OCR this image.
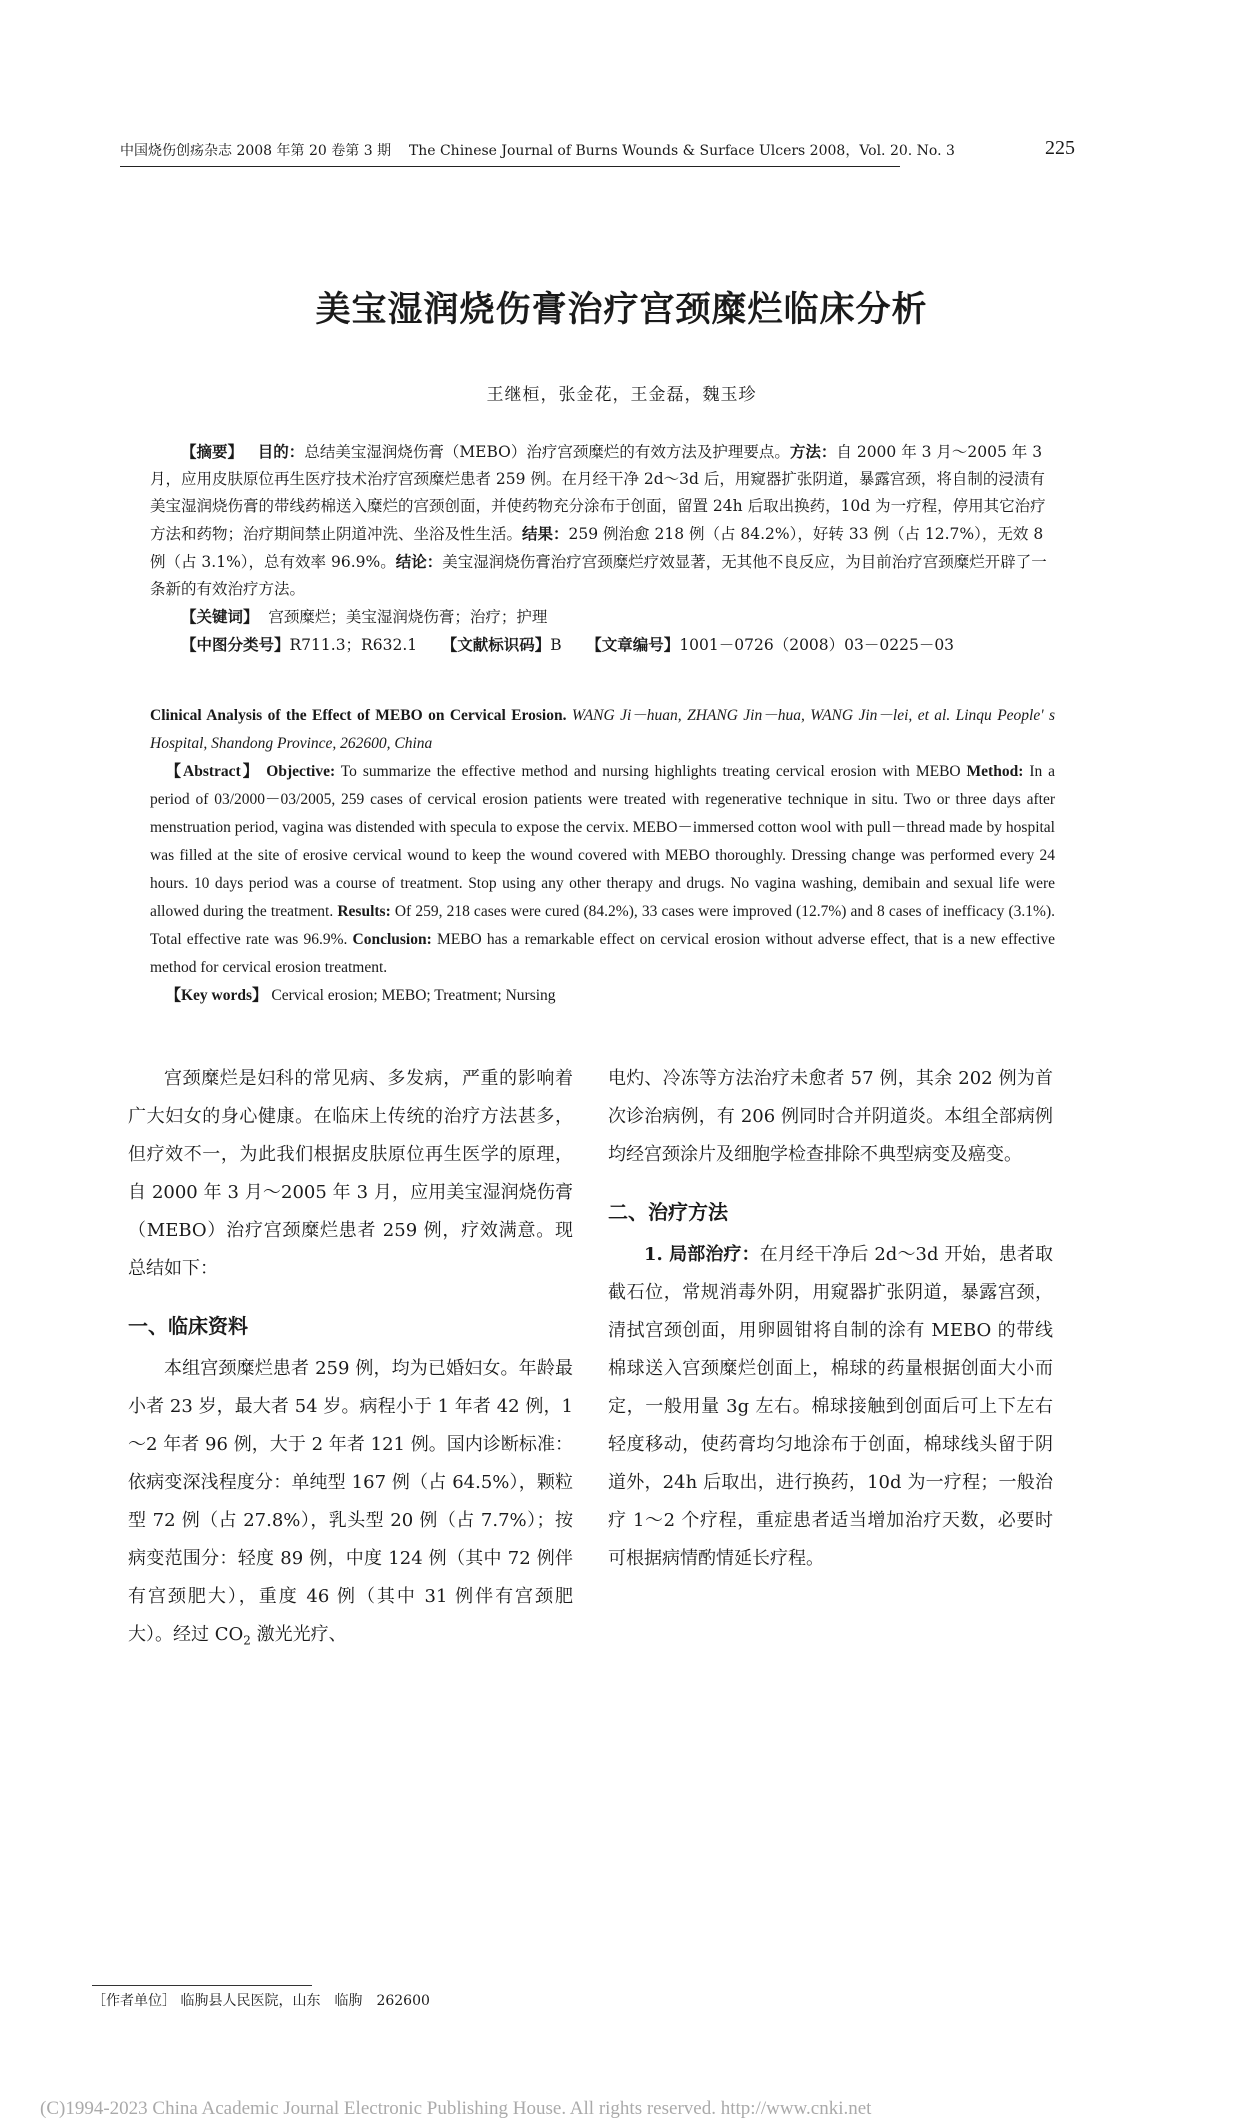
中国烧伤创疡杂志 2008 年第 20 卷第 3 期 The Chinese Journal of Burns Wounds & Surface Ulcers 2008，Vol. 20. No. 3	225
美宝湿润烧伤膏治疗宫颈糜烂临床分析
王继桓，张金花，王金磊，魏玉珍

【摘要】 目的：总结美宝湿润烧伤膏（MEBO）治疗宫颈糜烂的有效方法及护理要点。方法：自 2000 年 3 月～2005 年 3 月，应用皮肤原位再生医疗技术治疗宫颈糜烂患者 259 例。在月经干净 2d～3d 后，用窥器扩张阴道，暴露宫颈，将自制的浸渍有美宝湿润烧伤膏的带线药棉送入糜烂的宫颈创面，并使药物充分涂布于创面，留置 24h 后取出换药，10d 为一疗程，停用其它治疗方法和药物；治疗期间禁止阴道冲洗、坐浴及性生活。结果：259 例治愈 218 例（占 84.2%），好转 33 例（占 12.7%），无效 8 例（占 3.1%），总有效率 96.9%。结论：美宝湿润烧伤膏治疗宫颈糜烂疗效显著，无其他不良反应，为目前治疗宫颈糜烂开辟了一条新的有效治疗方法。

【关键词】 宫颈糜烂；美宝湿润烧伤膏；治疗；护理

【中图分类号】R711.3；R632.1 【文献标识码】B 【文章编号】1001－0726（2008）03－0225－03

Clinical Analysis of the Effect of MEBO on Cervical Erosion. WANG Ji－huan, ZHANG Jin－hua, WANG Jin－lei, et al. Linqu People' s Hospital, Shandong Province, 262600, China

【Abstract】 Objective: To summarize the effective method and nursing highlights treating cervical erosion with MEBO Method: In a period of 03/2000－03/2005, 259 cases of cervical erosion patients were treated with regenerative technique in situ. Two or three days after menstruation period, vagina was distended with specula to expose the cervix. MEBO－immersed cotton wool with pull－thread made by hospital was filled at the site of erosive cervical wound to keep the wound covered with MEBO thoroughly. Dressing change was performed every 24 hours. 10 days period was a course of treatment. Stop using any other therapy and drugs. No vagina washing, demibain and sexual life were allowed during the treatment. Results: Of 259, 218 cases were cured (84.2%), 33 cases were improved (12.7%) and 8 cases of inefficacy (3.1%). Total effective rate was 96.9%. Conclusion: MEBO has a remarkable effect on cervical erosion without adverse effect, that is a new effective method for cervical erosion treatment.

【Key words】 Cervical erosion; MEBO; Treatment; Nursing

宫颈糜烂是妇科的常见病、多发病，严重的影响着广大妇女的身心健康。在临床上传统的治疗方法甚多，但疗效不一，为此我们根据皮肤原位再生医学的原理，自 2000 年 3 月～2005 年 3 月，应用美宝湿润烧伤膏（MEBO）治疗宫颈糜烂患者 259 例，疗效满意。现总结如下：

一、临床资料

本组宫颈糜烂患者 259 例，均为已婚妇女。年龄最小者 23 岁，最大者 54 岁。病程小于 1 年者 42 例，1～2 年者 96 例，大于 2 年者 121 例。国内诊断标准：依病变深浅程度分：单纯型 167 例（占 64.5%），颗粒型 72 例（占 27.8%），乳头型 20 例（占 7.7%）；按病变范围分：轻度 89 例，中度 124 例（其中 72 例伴有宫颈肥大），重度 46 例（其中 31 例伴有宫颈肥大）。经过 $CO_2$ 激光光疗、

电灼、冷冻等方法治疗未愈者 57 例，其余 202 例为首次诊治病例，有 206 例同时合并阴道炎。本组全部病例均经宫颈涂片及细胞学检查排除不典型病变及癌变。

二、治疗方法

1. 局部治疗：在月经干净后 2d～3d 开始，患者取截石位，常规消毒外阴，用窥器扩张阴道，暴露宫颈，清拭宫颈创面，用卵圆钳将自制的涂有 MEBO 的带线棉球送入宫颈糜烂创面上，棉球的药量根据创面大小而定，一般用量 3g 左右。棉球接触到创面后可上下左右轻度移动，使药膏均匀地涂布于创面，棉球线头留于阴道外，24h 后取出，进行换药，10d 为一疗程；一般治疗 1～2 个疗程，重症患者适当增加治疗天数，必要时可根据病情酌情延长疗程。

［作者单位］ 临朐县人民医院，山东　临朐　262600
(C)1994-2023 China Academic Journal Electronic Publishing House. All rights reserved. http://www.cnki.net
